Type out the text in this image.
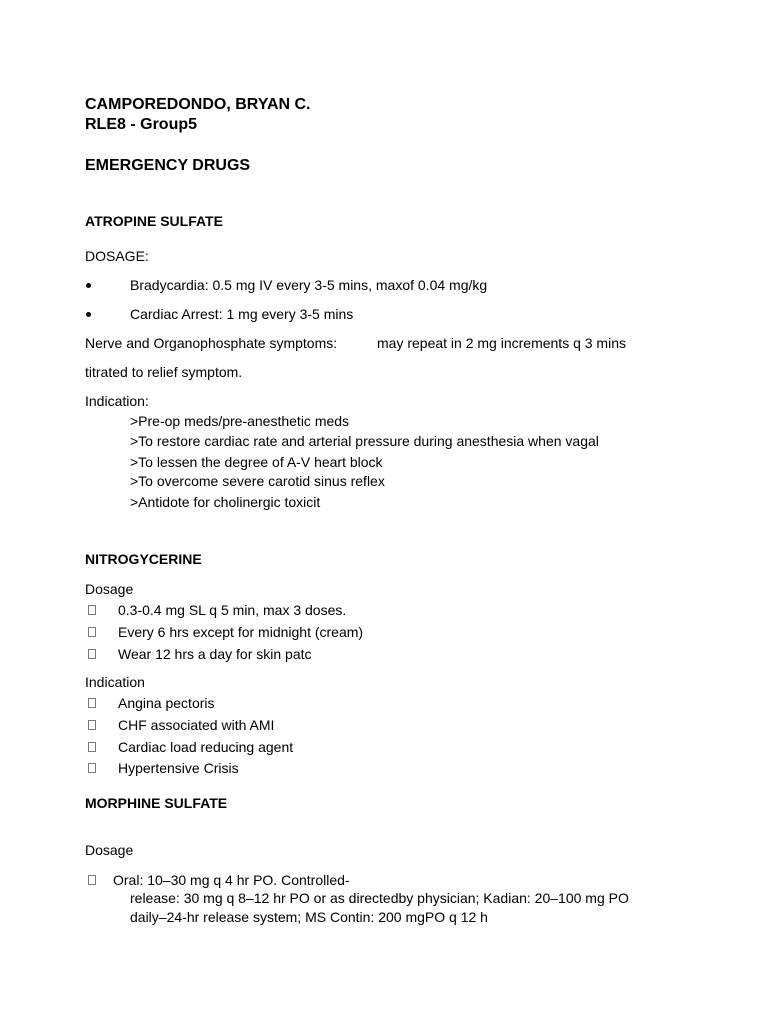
CAMPOREDONDO, BRYAN C.
RLE8 - Group5
EMERGENCY DRUGS
ATROPINE SULFATE
DOSAGE:
Bradycardia: 0.5 mg IV every 3-5 mins, maxof 0.04 mg/kg
Cardiac Arrest: 1 mg every 3-5 mins
Nerve and Organophosphate symptoms:	may repeat in 2 mg increments q 3 mins
titrated to relief symptom.
Indication:
>Pre-op meds/pre-anesthetic meds
>To restore cardiac rate and arterial pressure during anesthesia when vagal
>To lessen the degree of A-V heart block
>To overcome severe carotid sinus reflex
>Antidote for cholinergic toxicit
NITROGYCERINE
Dosage
0.3-0.4 mg SL q 5 min, max 3 doses.
Every 6 hrs except for midnight (cream)
Wear 12 hrs a day for skin patc
Indication
Angina pectoris
CHF associated with AMI
Cardiac load reducing agent
Hypertensive Crisis
MORPHINE SULFATE
Dosage
Oral: 10–30 mg q 4 hr PO. Controlled-
release: 30 mg q 8–12 hr PO or as directedby physician; Kadian: 20–100 mg PO
daily–24-hr release system; MS Contin: 200 mgPO q 12 h
